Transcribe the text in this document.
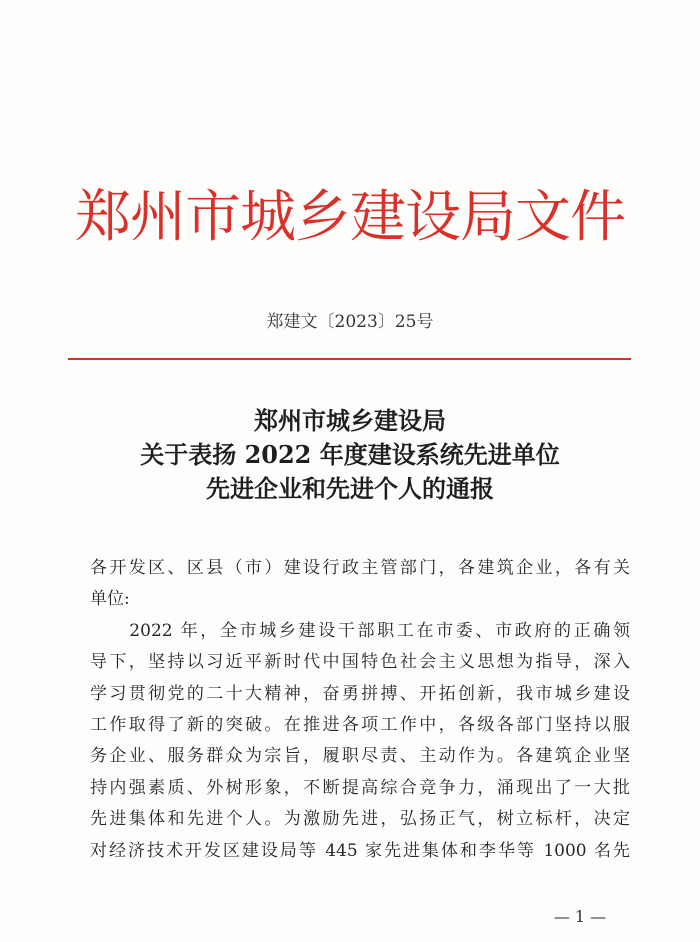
郑州市城乡建设局文件
郑建文〔2023〕25号
郑州市城乡建设局
关于表扬 2022 年度建设系统先进单位
先进企业和先进个人的通报
各开发区、区县（市）建设行政主管部门，各建筑企业，各有关
单位:
　　2022 年，全市城乡建设干部职工在市委、市政府的正确领
导下，坚持以习近平新时代中国特色社会主义思想为指导，深入
学习贯彻党的二十大精神，奋勇拼搏、开拓创新，我市城乡建设
工作取得了新的突破。在推进各项工作中，各级各部门坚持以服
务企业、服务群众为宗旨，履职尽责、主动作为。各建筑企业坚
持内强素质、外树形象，不断提高综合竞争力，涌现出了一大批
先进集体和先进个人。为激励先进，弘扬正气，树立标杆，决定
对经济技术开发区建设局等 445 家先进集体和李华等 1000 名先
— 1 —
